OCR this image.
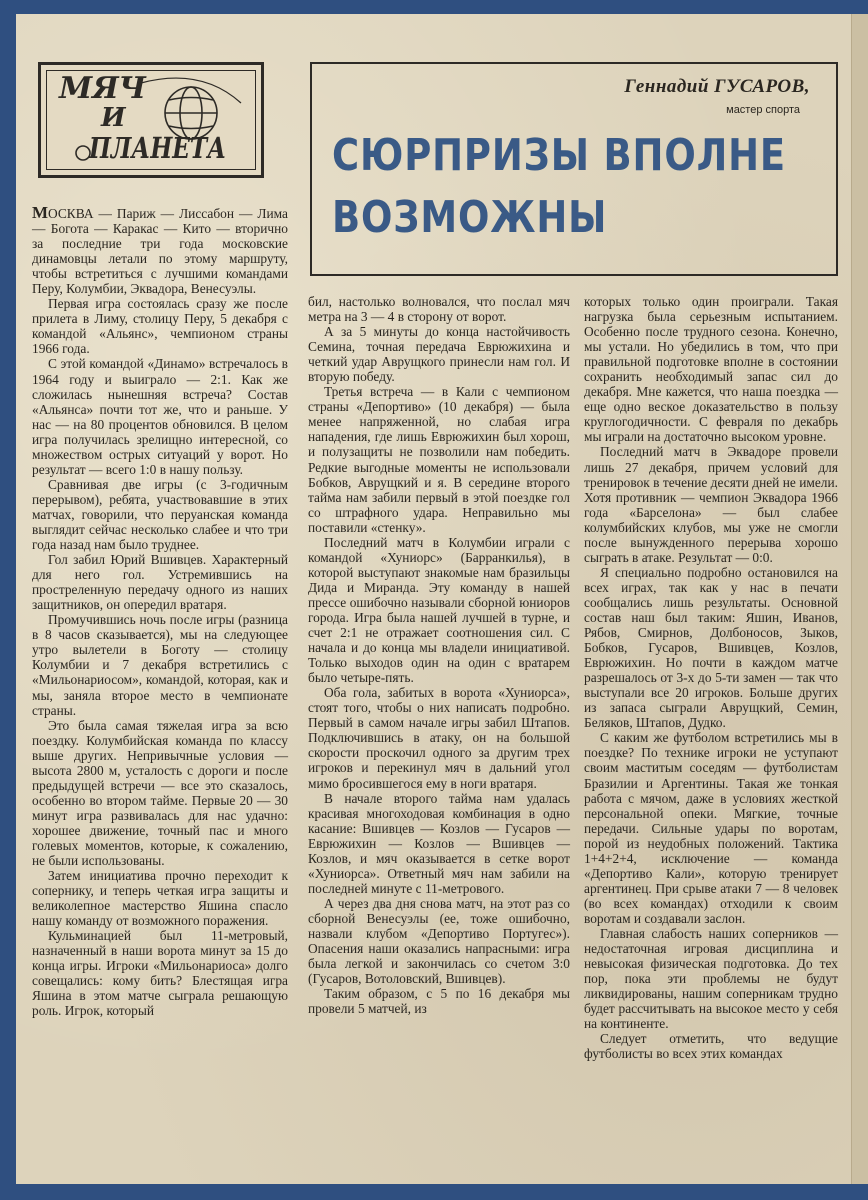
МЯЧ
И
ПЛАНЕТА
Геннадий ГУСАРОВ,
мастер спорта
СЮРПРИЗЫ ВПОЛНЕ
ВОЗМОЖНЫ

МОСКВА — Париж — Лиссабон — Лима — Богота — Каракас — Кито — вторично за последние три года московские динамовцы летали по этому маршруту, чтобы встретиться с лучшими командами Перу, Колумбии, Эквадора, Венесуэлы.

Первая игра состоялась сразу же после прилета в Лиму, столицу Перу, 5 декабря с командой «Альянс», чемпионом страны 1966 года.

С этой командой «Динамо» встречалось в 1964 году и выиграло — 2:1. Как же сложилась нынешняя встреча? Состав «Альянса» почти тот же, что и раньше. У нас — на 80 процентов обновился. В целом игра получилась зрелищно интересной, со множеством острых ситуаций у ворот. Но результат — всего 1:0 в нашу пользу.

Сравнивая две игры (с 3-годичным перерывом), ребята, участвовавшие в этих матчах, говорили, что перуанская команда выглядит сейчас несколько слабее и что три года назад нам было труднее.

Гол забил Юрий Вшивцев. Характерный для него гол. Устремившись на простреленную передачу одного из наших защитников, он опередил вратаря.

Промучившись ночь после игры (разница в 8 часов сказывается), мы на следующее утро вылетели в Боготу — столицу Колумбии и 7 декабря встретились с «Мильонариосом», командой, которая, как и мы, заняла второе место в чемпионате страны.

Это была самая тяжелая игра за всю поездку. Колумбийская команда по классу выше других. Непривычные условия — высота 2800 м, усталость с дороги и после предыдущей встречи — все это сказалось, особенно во втором тайме. Первые 20 — 30 минут игра развивалась для нас удачно: хорошее движение, точный пас и много голевых моментов, которые, к сожалению, не были использованы.

Затем инициатива прочно переходит к сопернику, и теперь четкая игра защиты и великолепное мастерство Яшина спасло нашу команду от возможного поражения.

Кульминацией был 11-метровый, назначенный в наши ворота минут за 15 до конца игры. Игроки «Мильонариоса» долго совещались: кому бить? Блестящая игра Яшина в этом матче сыграла решающую роль. Игрок, который

бил, настолько волновался, что послал мяч метра на 3 — 4 в сторону от ворот.

А за 5 минуты до конца настойчивость Семина, точная передача Еврюжихина и четкий удар Аврущкого принесли нам гол. И вторую победу.

Третья встреча — в Кали с чемпионом страны «Депортиво» (10 декабря) — была менее напряженной, но слабая игра нападения, где лишь Еврюжихин был хорош, и полузащиты не позволили нам победить. Редкие выгодные моменты не использовали Бобков, Аврущкий и я. В середине второго тайма нам забили первый в этой поездке гол со штрафного удара. Неправильно мы поставили «стенку».

Последний матч в Колумбии играли с командой «Хуниорс» (Барранкилья), в которой выступают знакомые нам бразильцы Дида и Миранда. Эту команду в нашей прессе ошибочно называли сборной юниоров города. Игра была нашей лучшей в турне, и счет 2:1 не отражает соотношения сил. С начала и до конца мы владели инициативой. Только выходов один на один с вратарем было четыре-пять.

Оба гола, забитых в ворота «Хуниорса», стоят того, чтобы о них написать подробно. Первый в самом начале игры забил Штапов. Подключившись в атаку, он на большой скорости проскочил одного за другим трех игроков и перекинул мяч в дальний угол мимо бросившегося ему в ноги вратаря.

В начале второго тайма нам удалась красивая многоходовая комбинация в одно касание: Вшивцев — Козлов — Гусаров — Еврюжихин — Козлов — Вшивцев — Козлов, и мяч оказывается в сетке ворот «Хуниорса». Ответный мяч нам забили на последней минуте с 11-метрового.

А через два дня снова матч, на этот раз со сборной Венесуэлы (ее, тоже ошибочно, назвали клубом «Депортиво Португес»). Опасения наши оказались напрасными: игра была легкой и закончилась со счетом 3:0 (Гусаров, Вотоловский, Вшивцев).

Таким образом, с 5 по 16 декабря мы провели 5 матчей, из

которых только один проиграли. Такая нагрузка была серьезным испытанием. Особенно после трудного сезона. Конечно, мы устали. Но убедились в том, что при правильной подготовке вполне в состоянии сохранить необходимый запас сил до декабря. Мне кажется, что наша поездка — еще одно веское доказательство в пользу круглогодичности. С февраля по декабрь мы играли на достаточно высоком уровне.

Последний матч в Эквадоре провели лишь 27 декабря, причем условий для тренировок в течение десяти дней не имели. Хотя противник — чемпион Эквадора 1966 года «Барселона» — был слабее колумбийских клубов, мы уже не смогли после вынужденного перерыва хорошо сыграть в атаке. Результат — 0:0.

Я специально подробно остановился на всех играх, так как у нас в печати сообщались лишь результаты. Основной состав наш был таким: Яшин, Иванов, Рябов, Смирнов, Долбоносов, Зыков, Бобков, Гусаров, Вшивцев, Козлов, Еврюжихин. Но почти в каждом матче разрешалось от 3-х до 5-ти замен — так что выступали все 20 игроков. Больше других из запаса сыграли Аврущкий, Семин, Беляков, Штапов, Дудко.

С каким же футболом встретились мы в поездке? По технике игроки не уступают своим маститым соседям — футболистам Бразилии и Аргентины. Такая же тонкая работа с мячом, даже в условиях жесткой персональной опеки. Мягкие, точные передачи. Сильные удары по воротам, порой из неудобных положений. Тактика 1+4+2+4, исключение — команда «Депортиво Кали», которую тренирует аргентинец. При срыве атаки 7 — 8 человек (во всех командах) отходили к своим воротам и создавали заслон.

Главная слабость наших соперников — недостаточная игровая дисциплина и невысокая физическая подготовка. До тех пор, пока эти проблемы не будут ликвидированы, нашим соперникам трудно будет рассчитывать на высокое место у себя на континенте.

Следует отметить, что ведущие футболисты во всех этих командах
